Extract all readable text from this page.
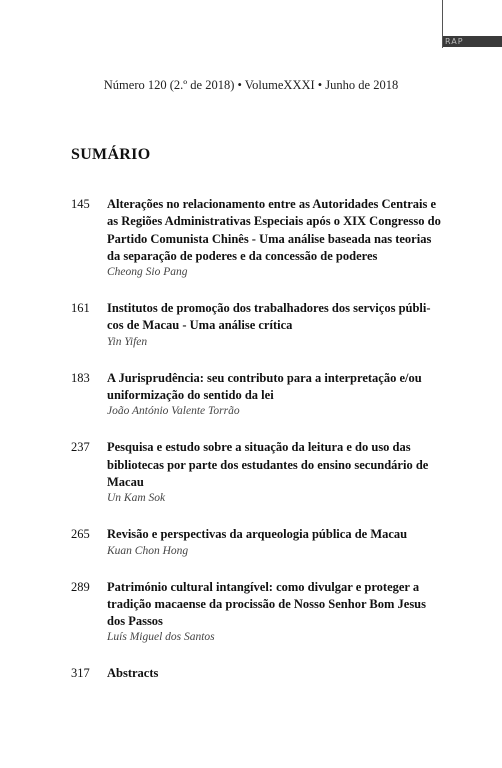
RAP
Número 120 (2.º de 2018) • VolumeXXXI • Junho de 2018
SUMÁRIO
145	Alterações no relacionamento entre as Autoridades Centrais e
as Regiões Administrativas Especiais após o XIX Congresso do
Partido Comunista Chinês - Uma análise baseada nas teorias
da separação de poderes e da concessão de poderes
Cheong Sio Pang
161	Institutos de promoção dos trabalhadores dos serviços públi-
cos de Macau - Uma análise crítica
Yin Yifen
183	A Jurisprudência: seu contributo para a interpretação e/ou
uniformização do sentido da lei
João António Valente Torrão
237	Pesquisa e estudo sobre a situação da leitura e do uso das
bibliotecas por parte dos estudantes do ensino secundário de
Macau
Un Kam Sok
265	Revisão e perspectivas da arqueologia pública de Macau
Kuan Chon Hong
289	Património cultural intangível: como divulgar e proteger a
tradição macaense da procissão de Nosso Senhor Bom Jesus
dos Passos
Luís Miguel dos Santos
317	Abstracts
